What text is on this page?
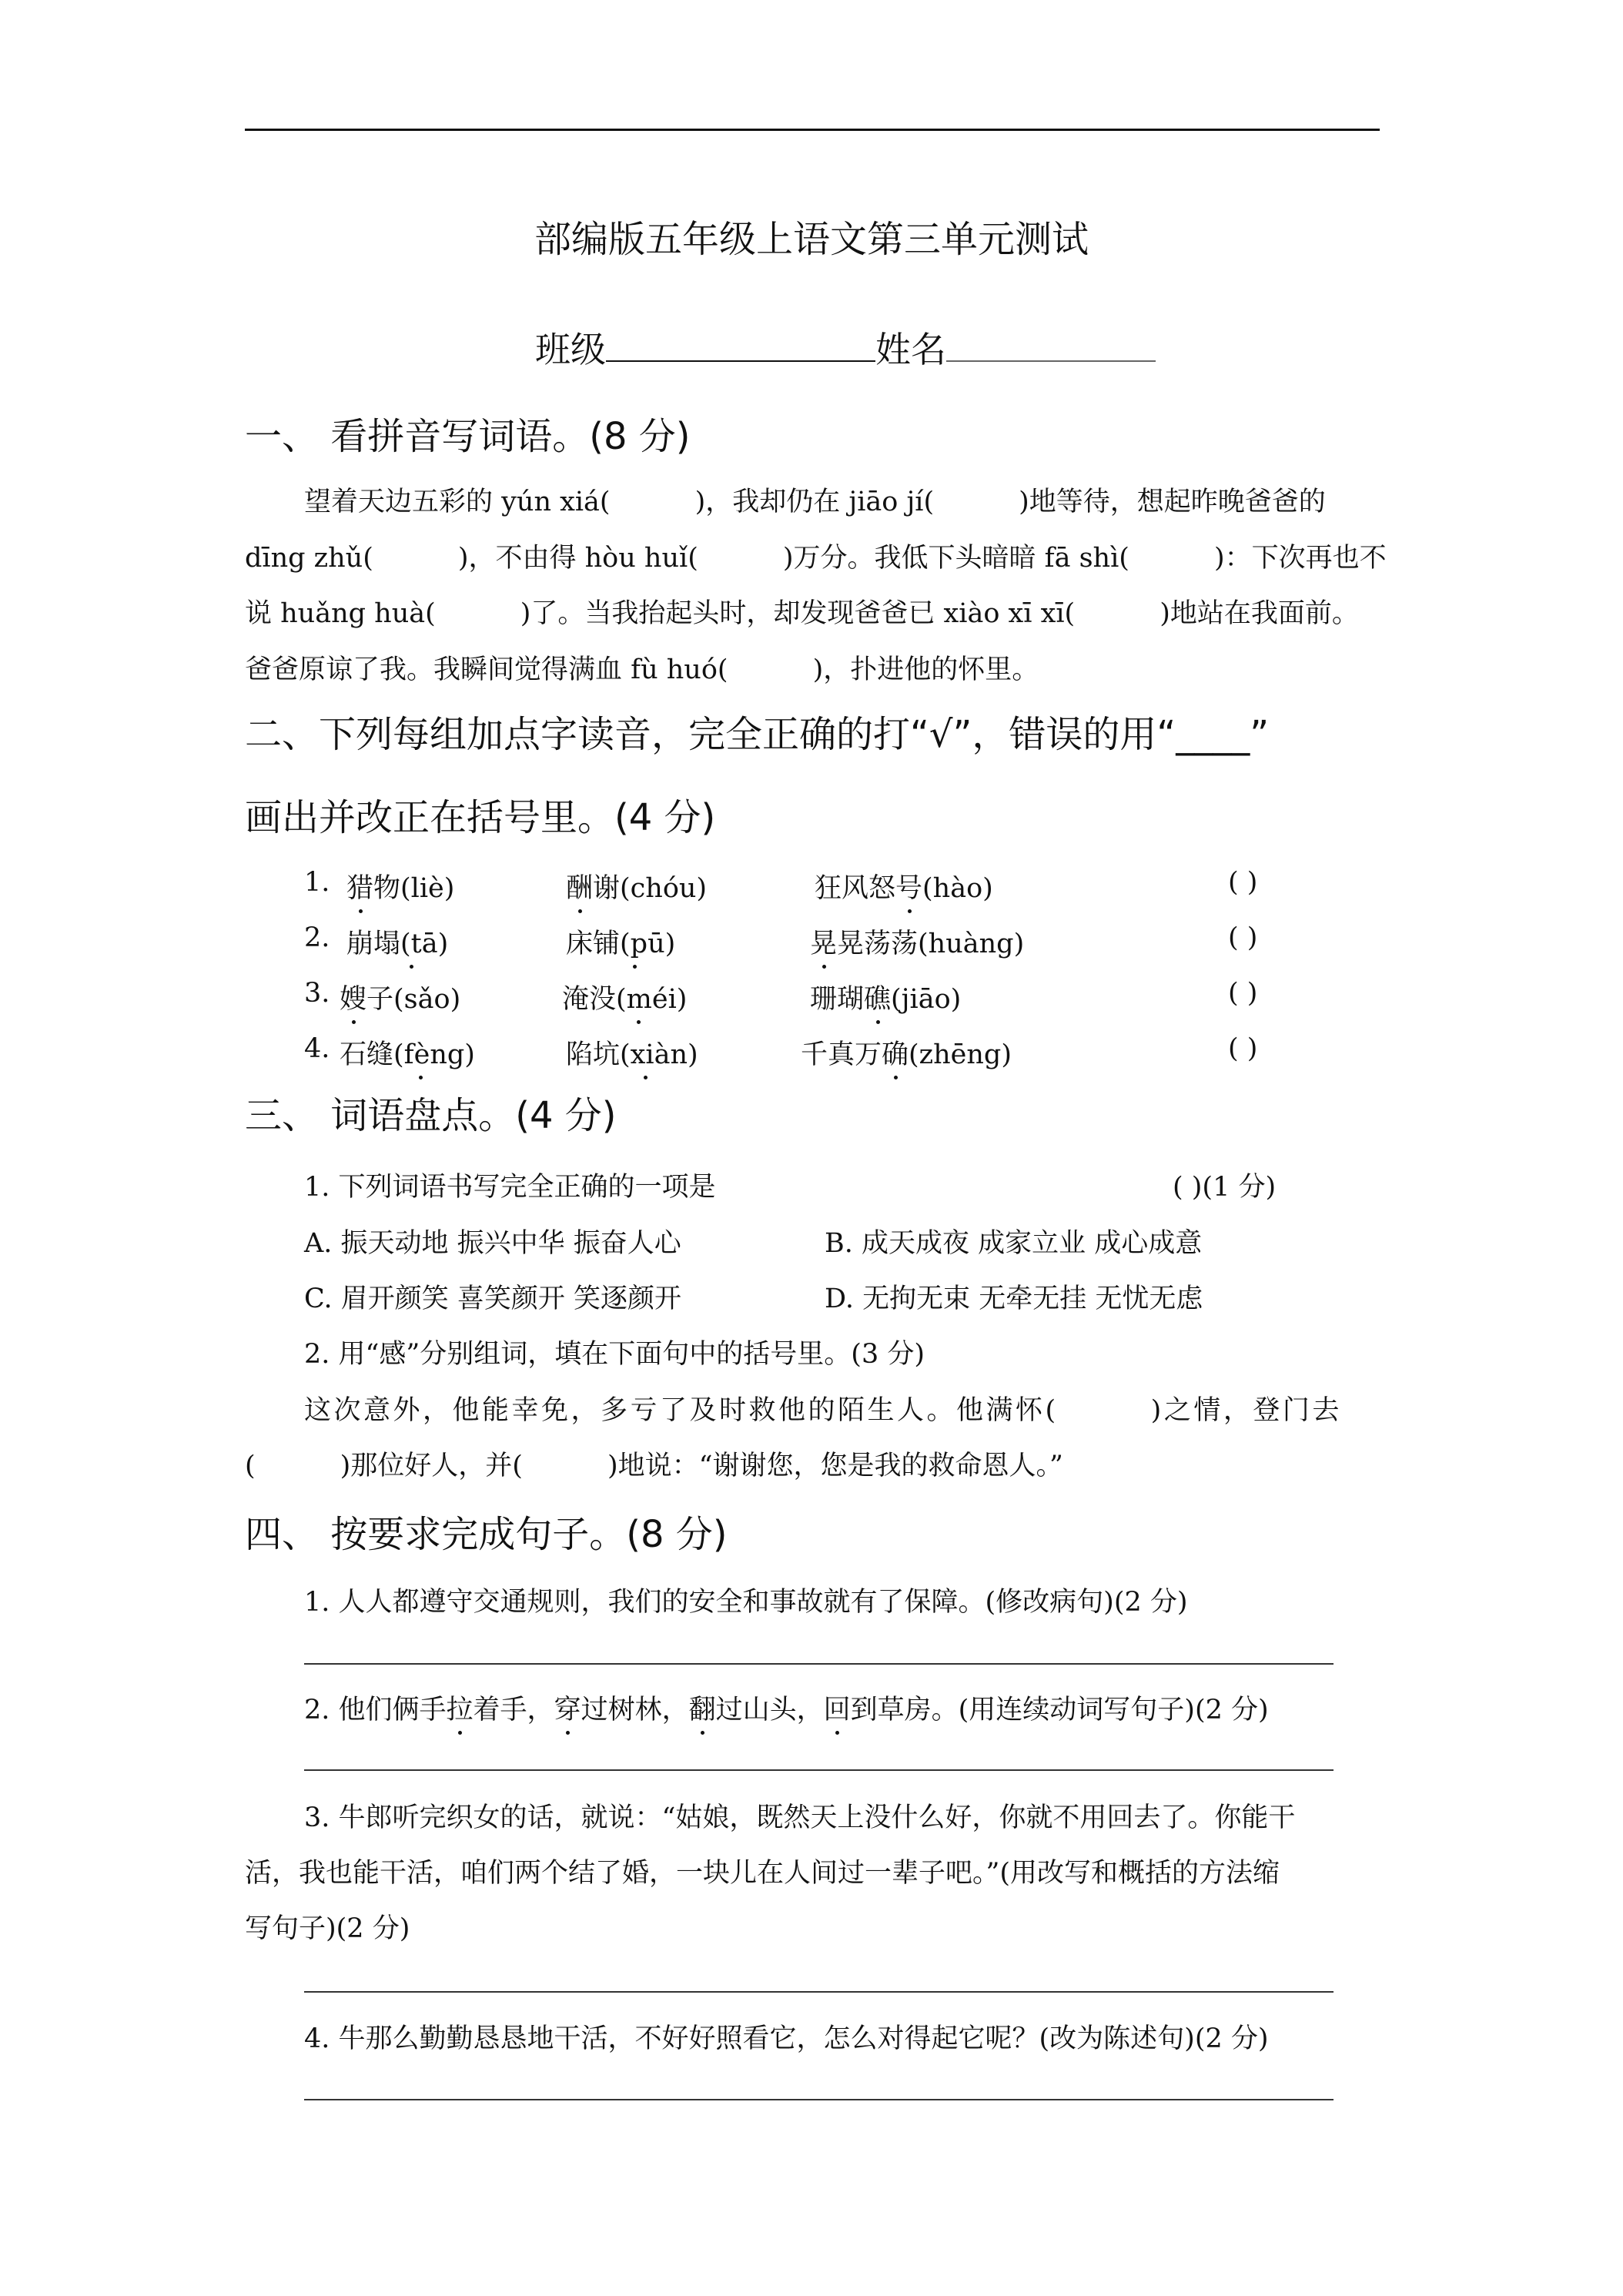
部编版五年级上语文第三单元测试
班级	姓名
一、 看拼音写词语。(8 分)
望着天边五彩的 yún xiá(	)，我却仍在 jiāo jí(	)地等待，想起昨晚爸爸的
dīng zhǔ(	)，不由得 hòu huǐ(	)万分。我低下头暗暗 fā shì(	)：下次再也不
说 huǎng huà(	)了。当我抬起头时，却发现爸爸已 xiào xī xī(	)地站在我面前。
爸爸原谅了我。我瞬间觉得满血 fù huó(	)，扑进他的怀里。
二、下列每组加点字读音，完全正确的打“√”，错误的用“____”
画出并改正在括号里。(4 分)
1. 猎物(liè)	酬谢(chóu)	狂风怒号(hào)	( )
2. 崩塌(tā)	床铺(pū)	晃晃荡荡(huàng)	( )
3. 嫂子(sǎo)	淹没(méi)	珊瑚礁(jiāo)	( )
4. 石缝(fèng)	陷坑(xiàn)	千真万确(zhēng)	( )
三、 词语盘点。(4 分)
1. 下列词语书写完全正确的一项是	( )(1 分)
A. 振天动地 振兴中华 振奋人心	B. 成天成夜 成家立业 成心成意
C. 眉开颜笑 喜笑颜开 笑逐颜开	D. 无拘无束 无牵无挂 无忧无虑
2. 用“感”分别组词，填在下面句中的括号里。(3 分)
这次意外，他能幸免，多亏了及时救他的陌生人。他满怀(	)之情，登门去
(	)那位好人，并(	)地说：“谢谢您，您是我的救命恩人。”
四、 按要求完成句子。(8 分)
1. 人人都遵守交通规则，我们的安全和事故就有了保障。(修改病句)(2 分)
2. 他们俩手拉着手，穿过树林，翻过山头，回到草房。(用连续动词写句子)(2 分)
3. 牛郎听完织女的话，就说：“姑娘，既然天上没什么好，你就不用回去了。你能干
活，我也能干活，咱们两个结了婚，一块儿在人间过一辈子吧。”(用改写和概括的方法缩
写句子)(2 分)
4. 牛那么勤勤恳恳地干活，不好好照看它，怎么对得起它呢？(改为陈述句)(2 分)
